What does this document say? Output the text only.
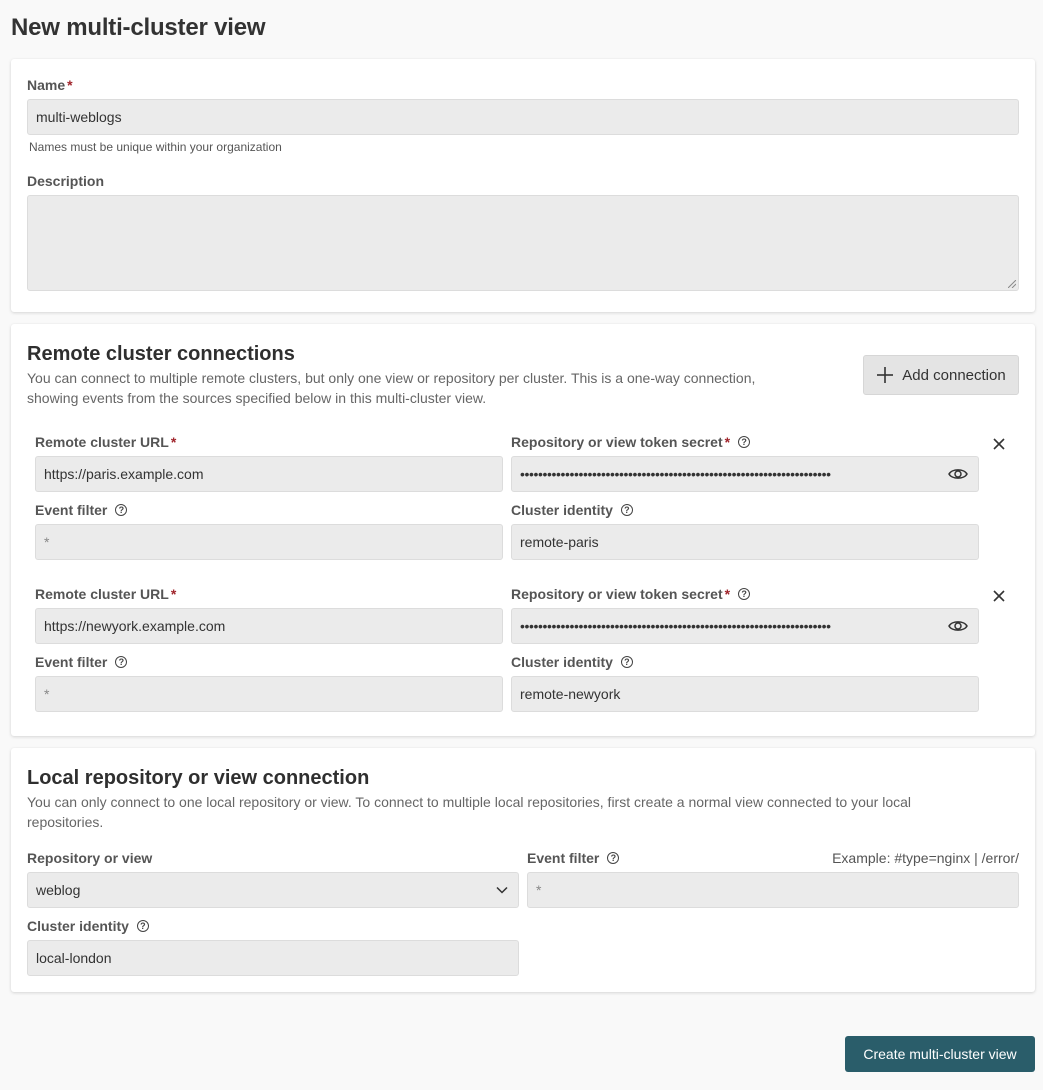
New multi-cluster view
Name *
multi-weblogs
Names must be unique within your organization
Description
Remote cluster connections
You can connect to multiple remote clusters, but only one view or repository per cluster. This is a one-way connection,
showing events from the sources specified below in this multi-cluster view.
Add connection
Remote cluster URL *
https://paris.example.com
Repository or view token secret *	?
•••••••••••••••••••••••••••••••••••••••••••••••••••••••••••••••••••••
Event filter	?
*
Cluster identity	?
remote-paris
Remote cluster URL *
https://newyork.example.com
Repository or view token secret *	?
•••••••••••••••••••••••••••••••••••••••••••••••••••••••••••••••••••••
Event filter	?
*
Cluster identity	?
remote-newyork
Local repository or view connection
You can only connect to one local repository or view. To connect to multiple local repositories, first create a normal view connected to your local
repositories.
Repository or view
weblog
Event filter	?	Example: #type=nginx | /error/
*
Cluster identity	?
local-london
Create multi-cluster view
